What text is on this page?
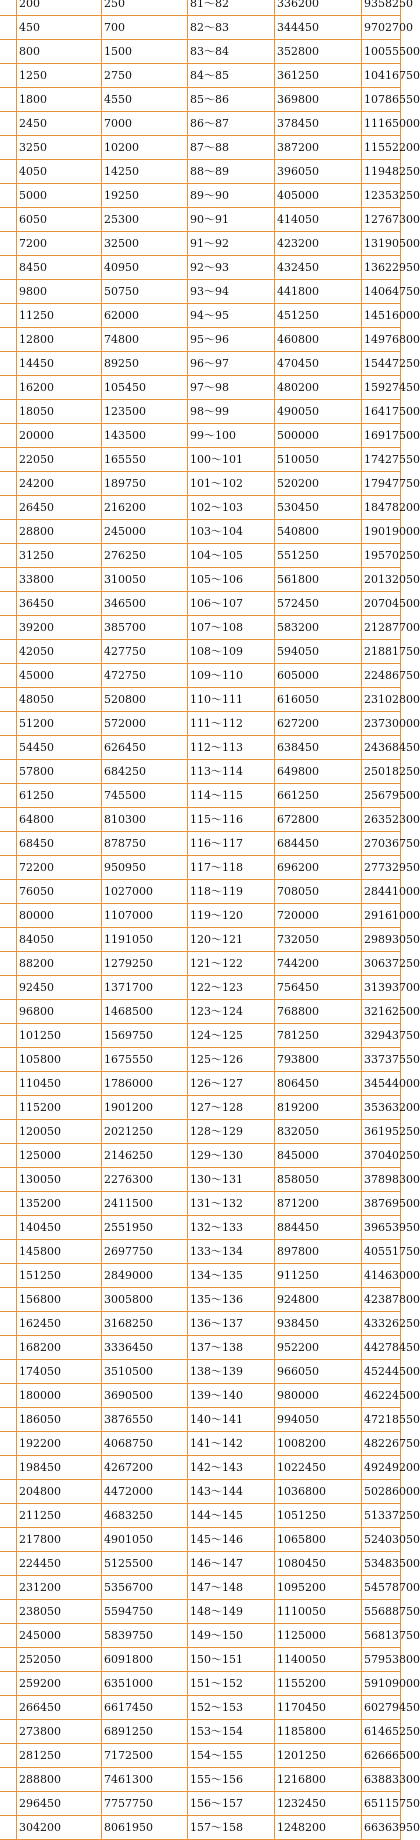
	200	250	81～82	336200	9358250
	450	700	82～83	344450	9702700
	800	1500	83～84	352800	10055500
	1250	2750	84～85	361250	10416750
	1800	4550	85～86	369800	10786550
	2450	7000	86～87	378450	11165000
	3250	10200	87～88	387200	11552200
	4050	14250	88～89	396050	11948250
	5000	19250	89～90	405000	12353250
	6050	25300	90～91	414050	12767300
	7200	32500	91～92	423200	13190500
	8450	40950	92～93	432450	13622950
	9800	50750	93～94	441800	14064750
	11250	62000	94～95	451250	14516000
	12800	74800	95～96	460800	14976800
	14450	89250	96～97	470450	15447250
	16200	105450	97～98	480200	15927450
	18050	123500	98～99	490050	16417500
	20000	143500	99～100	500000	16917500
	22050	165550	100～101	510050	17427550
	24200	189750	101～102	520200	17947750
	26450	216200	102～103	530450	18478200
	28800	245000	103～104	540800	19019000
	31250	276250	104～105	551250	19570250
	33800	310050	105～106	561800	20132050
	36450	346500	106～107	572450	20704500
	39200	385700	107～108	583200	21287700
	42050	427750	108～109	594050	21881750
	45000	472750	109～110	605000	22486750
	48050	520800	110～111	616050	23102800
	51200	572000	111～112	627200	23730000
	54450	626450	112～113	638450	24368450
	57800	684250	113～114	649800	25018250
	61250	745500	114～115	661250	25679500
	64800	810300	115～116	672800	26352300
	68450	878750	116～117	684450	27036750
	72200	950950	117～118	696200	27732950
	76050	1027000	118～119	708050	28441000
	80000	1107000	119～120	720000	29161000
	84050	1191050	120～121	732050	29893050
	88200	1279250	121～122	744200	30637250
	92450	1371700	122～123	756450	31393700
	96800	1468500	123～124	768800	32162500
	101250	1569750	124～125	781250	32943750
	105800	1675550	125～126	793800	33737550
	110450	1786000	126～127	806450	34544000
	115200	1901200	127～128	819200	35363200
	120050	2021250	128～129	832050	36195250
	125000	2146250	129～130	845000	37040250
	130050	2276300	130～131	858050	37898300
	135200	2411500	131～132	871200	38769500
	140450	2551950	132～133	884450	39653950
	145800	2697750	133～134	897800	40551750
	151250	2849000	134～135	911250	41463000
	156800	3005800	135～136	924800	42387800
	162450	3168250	136～137	938450	43326250
	168200	3336450	137～138	952200	44278450
	174050	3510500	138～139	966050	45244500
	180000	3690500	139～140	980000	46224500
	186050	3876550	140～141	994050	47218550
	192200	4068750	141～142	1008200	48226750
	198450	4267200	142～143	1022450	49249200
	204800	4472000	143～144	1036800	50286000
	211250	4683250	144～145	1051250	51337250
	217800	4901050	145～146	1065800	52403050
	224450	5125500	146～147	1080450	53483500
	231200	5356700	147～148	1095200	54578700
	238050	5594750	148～149	1110050	55688750
	245000	5839750	149～150	1125000	56813750
	252050	6091800	150～151	1140050	57953800
	259200	6351000	151～152	1155200	59109000
	266450	6617450	152～153	1170450	60279450
	273800	6891250	153～154	1185800	61465250
	281250	7172500	154～155	1201250	62666500
	288800	7461300	155～156	1216800	63883300
	296450	7757750	156～157	1232450	65115750
	304200	8061950	157～158	1248200	66363950
